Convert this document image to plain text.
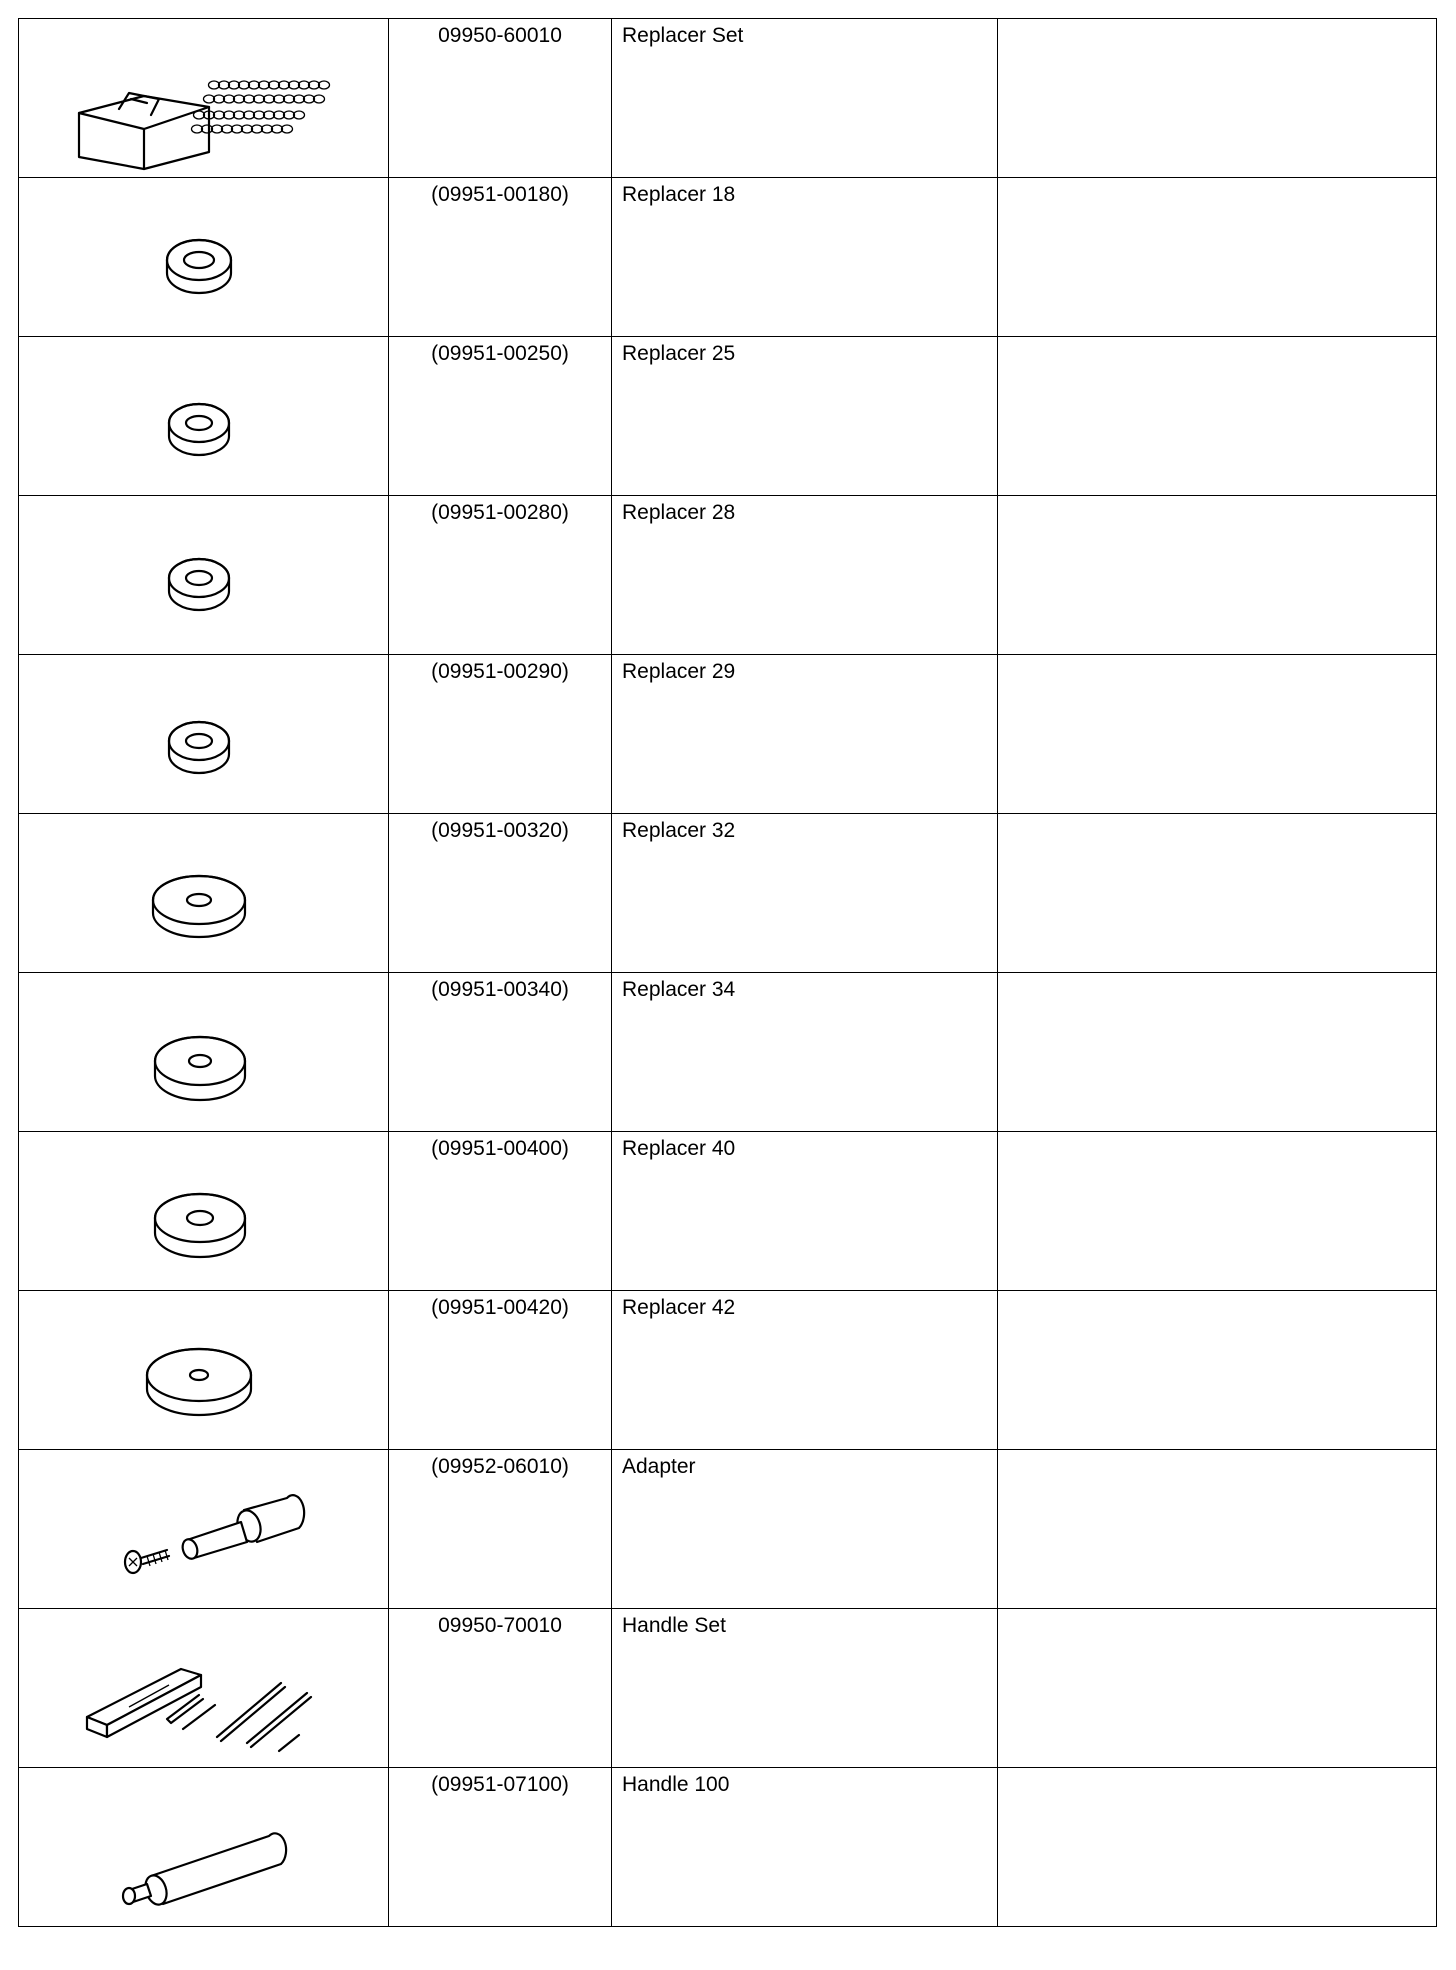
09950-60010	Replacer Set	

(09951-00180)	Replacer 18	

(09951-00250)	Replacer 25	

(09951-00280)	Replacer 28	

(09951-00290)	Replacer 29	

(09951-00320)	Replacer 32	

(09951-00340)	Replacer 34	

(09951-00400)	Replacer 40	

(09951-00420)	Replacer 42	

(09952-06010)	Adapter	

09950-70010	Handle Set	

(09951-07100)	Handle 100	
